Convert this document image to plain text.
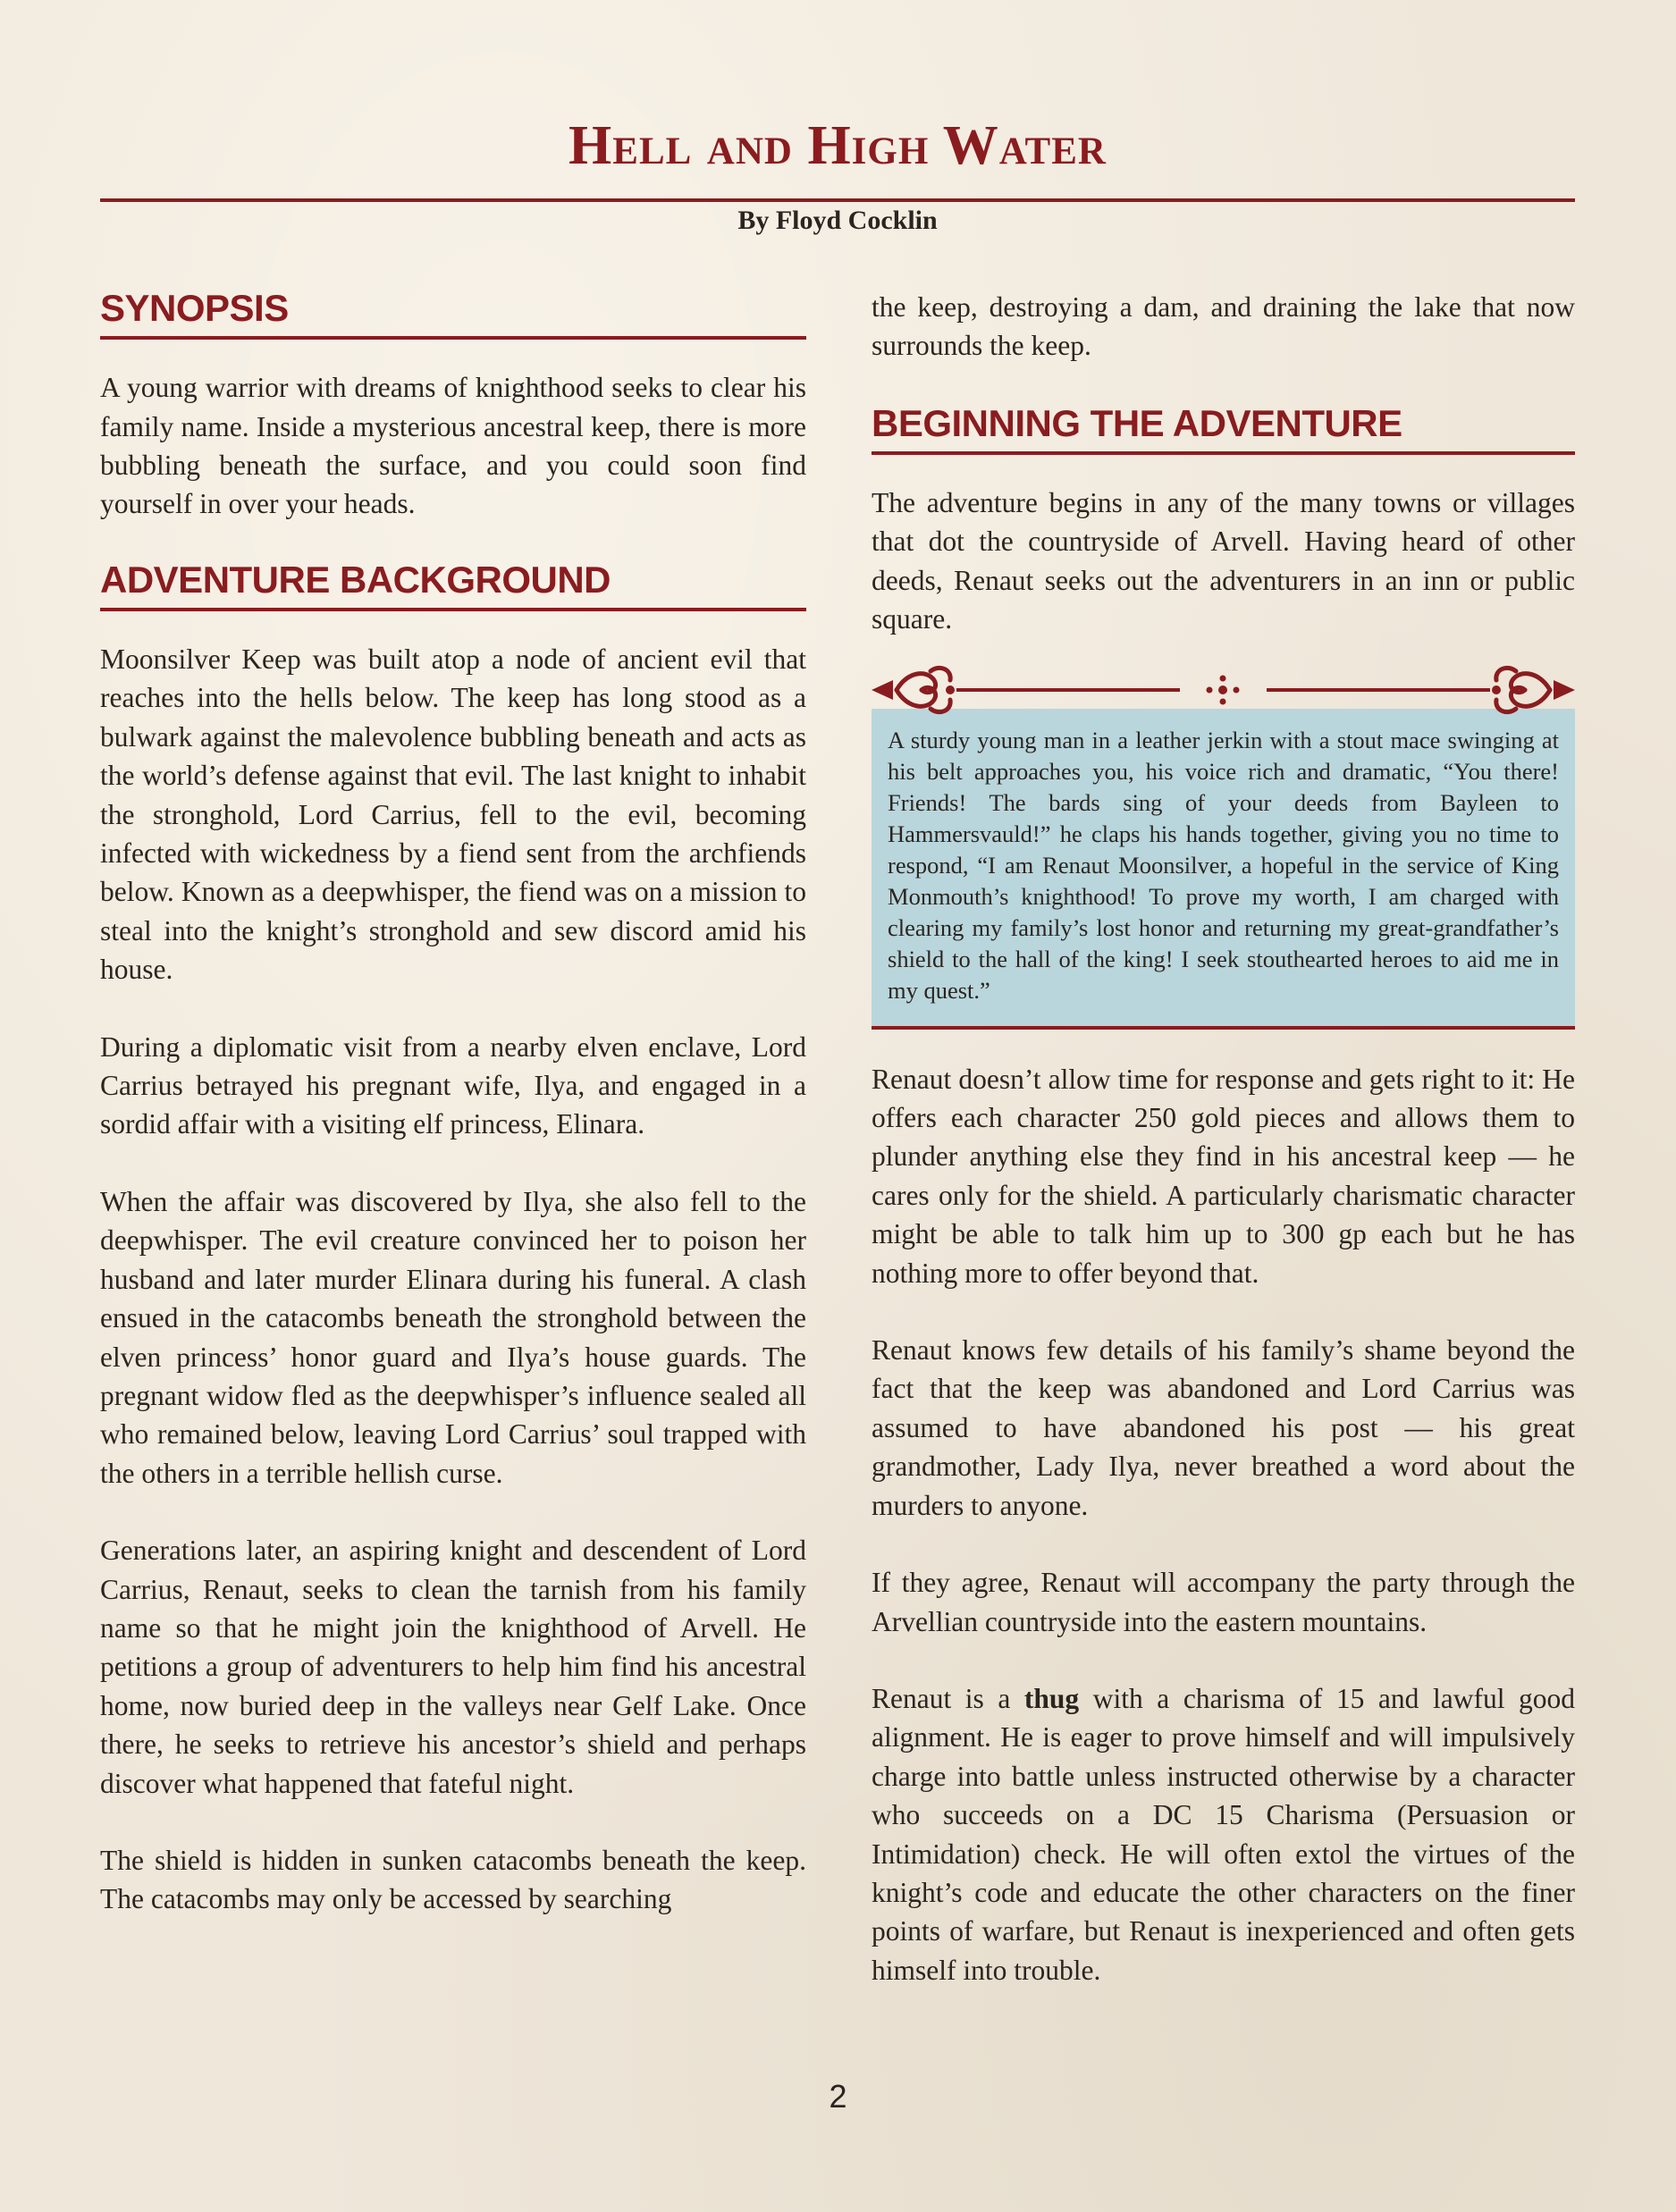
Hell and High Water
By Floyd Cocklin
SYNOPSIS

A young warrior with dreams of knighthood seeks to clear his family name. Inside a mysterious ancestral keep, there is more bubbling beneath the surface, and you could soon find yourself in over your heads.

ADVENTURE BACKGROUND

Moonsilver Keep was built atop a node of ancient evil that reaches into the hells below. The keep has long stood as a bulwark against the malevolence bubbling beneath and acts as the world’s defense against that evil. The last knight to inhabit the stronghold, Lord Carrius, fell to the evil, becoming infected with wickedness by a fiend sent from the archfiends below. Known as a deepwhisper, the fiend was on a mission to steal into the knight’s stronghold and sew discord amid his house.

During a diplomatic visit from a nearby elven enclave, Lord Carrius betrayed his pregnant wife, Ilya, and engaged in a sordid affair with a visiting elf princess, Elinara.

When the affair was discovered by Ilya, she also fell to the deepwhisper. The evil creature convinced her to poison her husband and later murder Elinara during his funeral. A clash ensued in the catacombs beneath the stronghold between the elven princess’ honor guard and Ilya’s house guards. The pregnant widow fled as the deepwhisper’s influence sealed all who remained below, leaving Lord Carrius’ soul trapped with the others in a terrible hellish curse.

Generations later, an aspiring knight and descendent of Lord Carrius, Renaut, seeks to clean the tarnish from his family name so that he might join the knighthood of Arvell. He petitions a group of adventurers to help him find his ancestral home, now buried deep in the valleys near Gelf Lake. Once there, he seeks to retrieve his ancestor’s shield and perhaps discover what happened that fateful night.

The shield is hidden in sunken catacombs beneath the keep. The catacombs may only be accessed by searching

the keep, destroying a dam, and draining the lake that now surrounds the keep.

BEGINNING THE ADVENTURE

The adventure begins in any of the many towns or villages that dot the countryside of Arvell. Having heard of other deeds, Renaut seeks out the adventurers in an inn or public square.

A sturdy young man in a leather jerkin with a stout mace swinging at his belt approaches you, his voice rich and dramatic, “You there! Friends! The bards sing of your deeds from Bayleen to Hammersvauld!” he claps his hands together, giving you no time to respond, “I am Renaut Moonsilver, a hopeful in the service of King Monmouth’s knighthood! To prove my worth, I am charged with clearing my family’s lost honor and returning my great-grandfather’s shield to the hall of the king! I seek stouthearted heroes to aid me in my quest.”

Renaut doesn’t allow time for response and gets right to it: He offers each character 250 gold pieces and allows them to plunder anything else they find in his ancestral keep — he cares only for the shield. A particularly charismatic character might be able to talk him up to 300 gp each but he has nothing more to offer beyond that.

Renaut knows few details of his family’s shame beyond the fact that the keep was abandoned and Lord Carrius was assumed to have abandoned his post — his great grandmother, Lady Ilya, never breathed a word about the murders to anyone.

If they agree, Renaut will accompany the party through the Arvellian countryside into the eastern mountains.

Renaut is a thug with a charisma of 15 and lawful good alignment. He is eager to prove himself and will impulsively charge into battle unless instructed otherwise by a character who succeeds on a DC 15 Charisma (Persuasion or Intimidation) check. He will often extol the virtues of the knight’s code and educate the other characters on the finer points of warfare, but Renaut is inexperienced and often gets himself into trouble.

2
